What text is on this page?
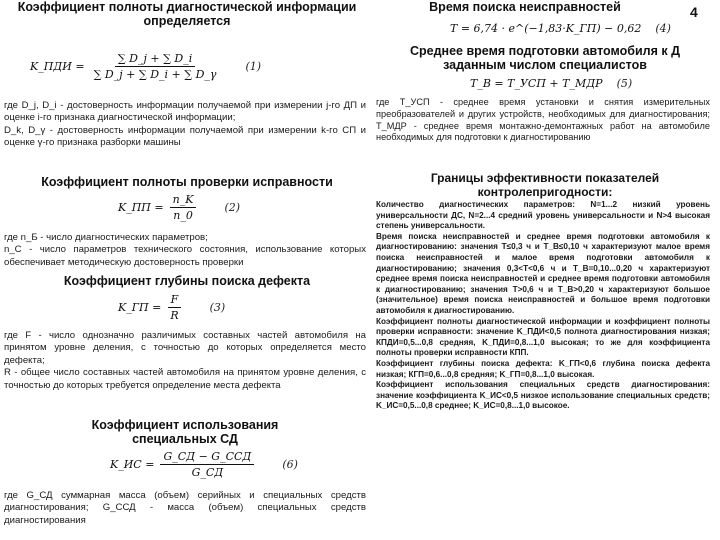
4
Коэффициент полноты диагностической информации определяется
K_ПДИ = $\frac{\sum D\_j + \sum D\_i}{\sum D\_j + \sum D\_i + \sum D\_\gamma} (1)$
где D_j, D_i - достоверность информации получаемой при измерении j-го ДП и оценке i-го признака диагностической информации;
D_k, D_γ - достоверность информации получаемой при измерении k-го СП и оценке γ-го признака разборки машины
Коэффициент полноты проверки исправности
K_ПП = $\frac{n\_K}{n\_0}$	(2)
где n_Б - число диагностических параметров;
n_С - число параметров технического состояния, использование которых обеспечивает методическую достоверность проверки
Коэффициент глубины поиска дефекта
K_ГП = $\frac{F}{R}$	(3)
где F - число однозначно различимых составных частей автомобиля на принятом уровне деления, с точностью до которых определяется место дефекта;
R - общее число составных частей автомобиля на принятом уровне деления, с точностью до которых требуется определение места дефекта
Коэффициент использования специальных СД
K_ИС = $\frac{\text{G\_СД − G\_ССД}}{G\_СД}$	(6)
где G_СД суммарная масса (объем) серийных и специальных средств диагностирования; G_ССД - масса (объем) специальных средств диагностирования
Время поиска неисправностей
T = 6,74 · e^(−1,83·K_ГП) − 0,62 (4)
Среднее время подготовки автомобиля к Д заданным числом специалистов
T_B = T_УСП + T_МДР (5)
где T_УСП - среднее время установки и снятия измерительных преобразователей и других устройств, необходимых для диагностирования; T_МДР - среднее время монтажно-демонтажных работ на автомобиле необходимых для подготовки к диагностированию
Границы эффективности показателей контролепригодности:
Количество диагностических параметров: N=1...2 низкий уровень универсальности ДС, N=2...4 средний уровень универсальности и N>4 высокая степень универсальности.
Время поиска неисправностей и среднее время подготовки автомобиля к диагностированию: значения T≤0,3 ч и T_B≤0,10 ч характеризуют малое время поиска неисправностей и малое время подготовки автомобиля к диагностированию; значения 0,3<T<0,6 ч и T_B=0,10...0,20 ч характеризуют среднее время поиска неисправностей и среднее время подготовки автомобиля к диагностированию; значения T>0,6 ч и T_B>0,20 ч характеризуют большое (значительное) время поиска неисправностей и большое время подготовки автомобиля к диагностированию.
Коэффициент полноты диагностической информации и коэффициент полноты проверки исправности: значение K_ПДИ<0,5 полнота диагностирования низкая; КПДИ=0,5...0,8 средняя, K_ПДИ=0,8...1,0 высокая; то же для коэффициента полноты проверки исправности КПП.
Коэффициент глубины поиска дефекта: K_ГП<0,6 глубина поиска дефекта низкая; КГП=0,6...0,8 средняя; K_ГП=0,8...1,0 высокая.
Коэффициент использования специальных средств диагностирования: значение коэффициента K_ИС<0,5 низкое использование специальных средств; K_ИС=0,5...0,8 среднее; K_ИС=0,8...1,0 высокое.
